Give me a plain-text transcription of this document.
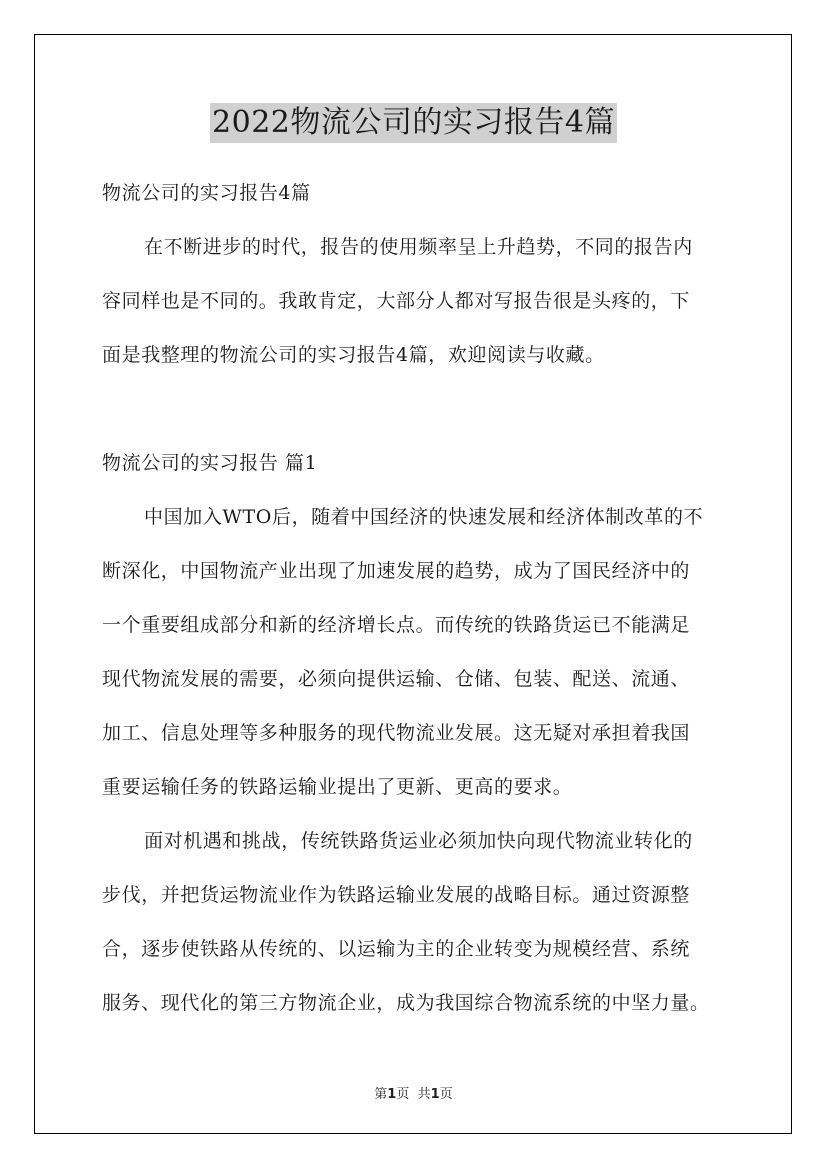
2022物流公司的实习报告4篇

物流公司的实习报告4篇

在不断进步的时代，报告的使用频率呈上升趋势，不同的报告内

容同样也是不同的。我敢肯定，大部分人都对写报告很是头疼的，下

面是我整理的物流公司的实习报告4篇，欢迎阅读与收藏。

物流公司的实习报告 篇1

中国加入WTO后，随着中国经济的快速发展和经济体制改革的不

断深化，中国物流产业出现了加速发展的趋势，成为了国民经济中的

一个重要组成部分和新的经济增长点。而传统的铁路货运已不能满足

现代物流发展的需要，必须向提供运输、仓储、包装、配送、流通、

加工、信息处理等多种服务的现代物流业发展。这无疑对承担着我国

重要运输任务的铁路运输业提出了更新、更高的要求。

面对机遇和挑战，传统铁路货运业必须加快向现代物流业转化的

步伐，并把货运物流业作为铁路运输业发展的战略目标。通过资源整

合，逐步使铁路从传统的、以运输为主的企业转变为规模经营、系统

服务、现代化的第三方物流企业，成为我国综合物流系统的中坚力量。

第1页 共1页
